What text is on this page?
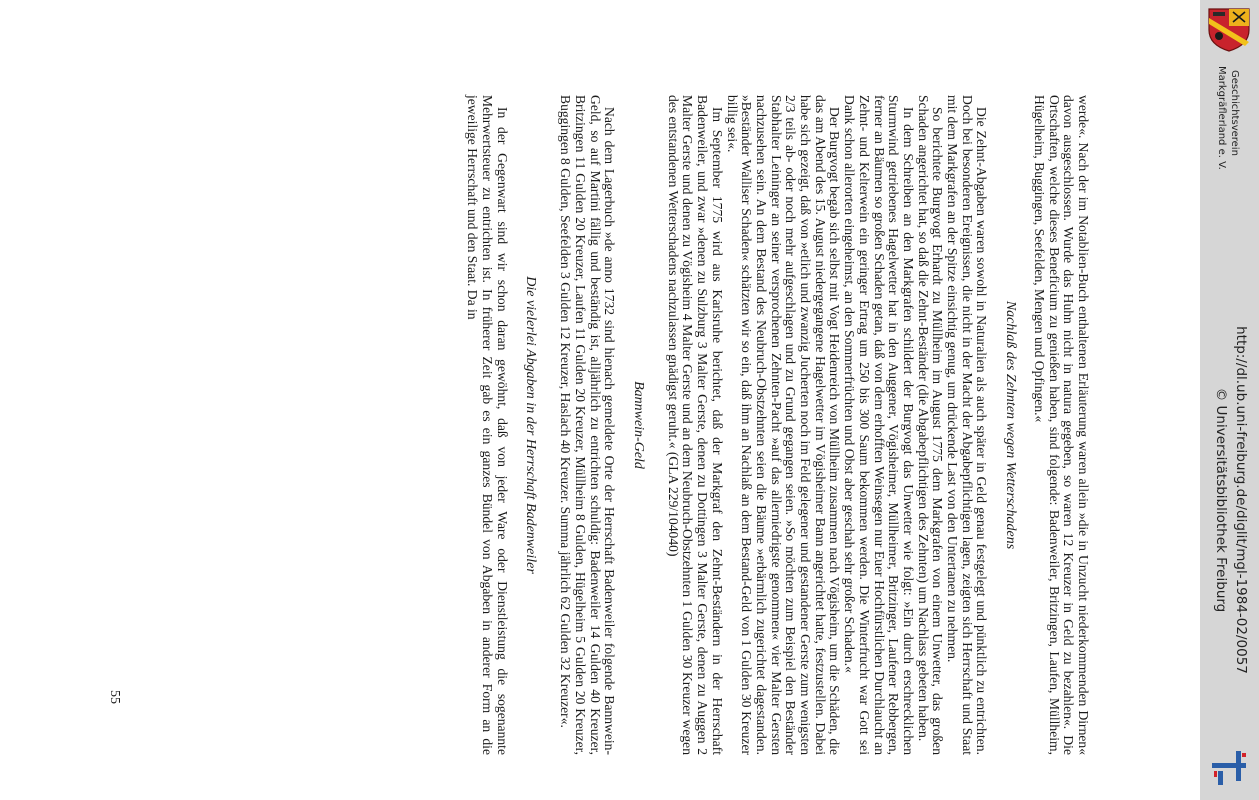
werde«. Nach der im Notablien-Buch enthaltenen Erläuterung waren allein »die in Unzucht niederkommenden Dirnen« davon ausgeschlossen. Wurde das Huhn nicht in natura gegeben, so waren 12 Kreuzer in Geld zu bezahlen«. Die Ortschaften, welche dieses Beneficium zu genießen haben, sind folgende: Badenweiler, Britzingen, Laufen, Müllheim, Hügelheim, Buggingen, Seefelden, Mengen und Opfingen.«

Nachlaß des Zehnten wegen Wetterschadens

Die Zehnt-Abgaben waren sowohl in Naturalien als auch später in Geld genau festgelegt und pünktlich zu entrichten. Doch bei besonderen Ereignissen, die nicht in der Macht der Abgabepflichtigen lagen, zeigten sich Herrschaft und Staat mit dem Markgrafen an der Spitze einsichtig genug, um drückende Last von den Untertanen zu nehmen.

So berichtete Burgvogt Erhardt zu Müllheim im August 1775 dem Markgrafen von einem Unwetter, das großen Schaden angerichtet hat, so daß die Zehnt-Beständer (die Abgabepflichtigen des Zehnten) um Nachlass gebeten haben.

In dem Schreiben an den Markgrafen schildert der Burgvogt das Unwetter wie folgt: »Ein durch erschrecklichen Sturmwind getriebenes Hagelwetter hat in den Auggener, Vögisheimer, Müllheimer, Britzinger, Laufener Rebbergen, ferner an Bäumen so großen Schaden getan, daß von dem erhofften Weinsegen nur Euer Hochfürstlichen Durchlaucht an Zehnt- und Kelterwein ein geringer Ertrag um 250 bis 300 Saum bekommen werden. Die Winterfrucht war Gott sei Dank schon allerorten eingeheimst, an den Sommerfrüchten und Obst aber geschah sehr großer Schaden.«

Der Burgvogt begab sich selbst mit Vogt Heidenreich von Müllheim zusammen nach Vögisheim, um die Schäden, die das am Abend des 15. August niedergegangene Hagelwetter im Vögisheimer Bann angerichtet hatte, festzustellen. Dabei habe sich gezeigt, daß von »etlich und zwanzig Jucherten noch im Feld gelegener und gestandener Gerste zum wenigsten 2/3 teils ab- oder noch mehr aufgeschlagen und zu Grund gegangen seien. »So möchten zum Beispiel den Beständer Stabhalter Leininger an seiner versprochenen Zehnten-Pacht »auf das allerniedrigste genommen« vier Malter Gersten nachzusehen sein. An dem Bestand des Neubruch-Obstzehnten seien die Bäume »erbärmlich zugerichtet dagestanden. »Beständer Walliser Schaden« schätzten wir so ein, daß ihm an Nachlaß an dem Bestand-Geld von 1 Gulden 30 Kreuzer billig sei«.

Im September 1775 wird aus Karlsruhe berichtet, daß der Markgraf den Zehnt-Beständern in der Herrschaft Badenweiler, und zwar »denen zu Sulzburg 3 Malter Gerste, denen zu Dottingen 3 Malter Gerste, denen zu Auggen 2 Malter Gerste und denen zu Vögisheim 4 Malter Gerste und an dem Neubruch-Obstzehnten 1 Gulden 30 Kreuzer wegen des entstandenen Wetterschadens nachzulassen gnädigst geruht.« (GLA 229/104040)

Bannwein-Geld

Nach dem Lagerbuch »de anno 1732 sind hienach gemeldete Orte der Herrschaft Badenweiler folgende Bannwein-Geld, so auf Martini fällig und beständig ist, alljährlich zu entrichten schuldig: Badenweiler 14 Gulden 40 Kreuzer, Britzingen 11 Gulden 20 Kreuzer, Laufen 11 Gulden 20 Kreuzer, Müllheim 8 Gulden, Hügelheim 5 Gulden 20 Kreuzer, Buggingen 8 Gulden, Seefelden 3 Gulden 12 Kreuzer, Haslach 40 Kreuzer. Summa jährlich 62 Gulden 32 Kreuzer«.

Die vielerlei Abgaben in der Herrschaft Badenweiler

In der Gegenwart sind wir schon daran gewöhnt, daß von jeder Ware oder Dienstleistung die sogenannte Mehrwertsteuer zu entrichten ist. In früherer Zeit gab es ein ganzes Bündel von Abgaben in anderer Form an die jeweilige Herrschaft und den Staat. Da in

55
http://dl.ub.uni-freiburg.de/diglit/mgl-1984-02/0057
© Universitätsbibliothek Freiburg
Geschichtsverein
Markgräflerland e. V.
